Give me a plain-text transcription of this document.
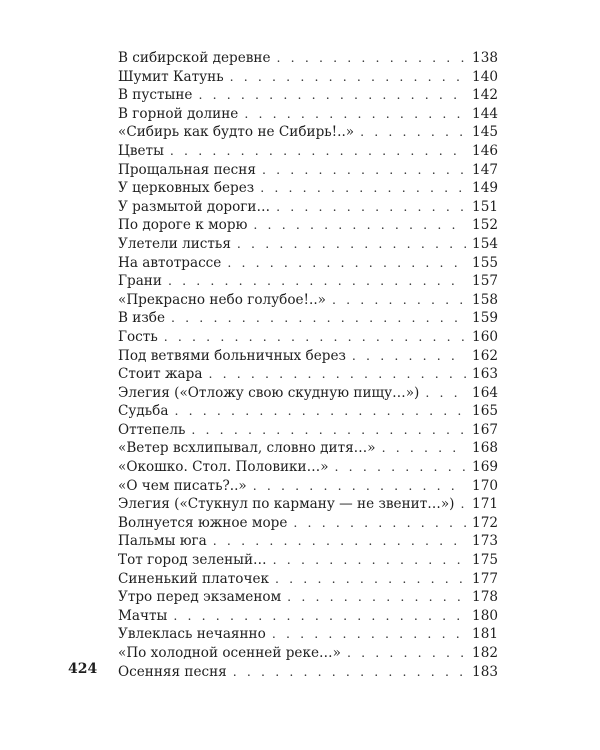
В сибирской деревне . . .	138
Шумит Катунь . . .	140
В пустыне . . .	142
В горной долине . . .	144
«Сибирь как будто не Сибирь!..» . . .	145
Цветы . . .	146
Прощальная песня . . .	147
У церковных берез . . .	149
У размытой дороги… . . .	151
По дороге к морю . . .	152
Улетели листья . . .	154
На автотрассе . . .	155
Грани . . .	157
«Прекрасно небо голубое!..» . . .	158
В избе . . .	159
Гость . . .	160
Под ветвями больничных берез . . .	162
Стоит жара . . .	163
Элегия («Отложу свою скудную пищу…») . . .	164
Судьба . . .	165
Оттепель . . .	167
«Ветер всхлипывал, словно дитя…» . . .	168
«Окошко. Стол. Половики…» . . .	169
«О чем писать?..» . . .	170
Элегия («Стукнул по карману — не звенит…») . . .	171
Волнуется южное море . . .	172
Пальмы юга . . .	173
Тот город зеленый… . . .	175
Синенький платочек . . .	177
Утро перед экзаменом . . .	178
Мачты . . .	180
Увлеклась нечаянно . . .	181
«По холодной осенней реке…» . . .	182
Осенняя песня . . .	183
424
